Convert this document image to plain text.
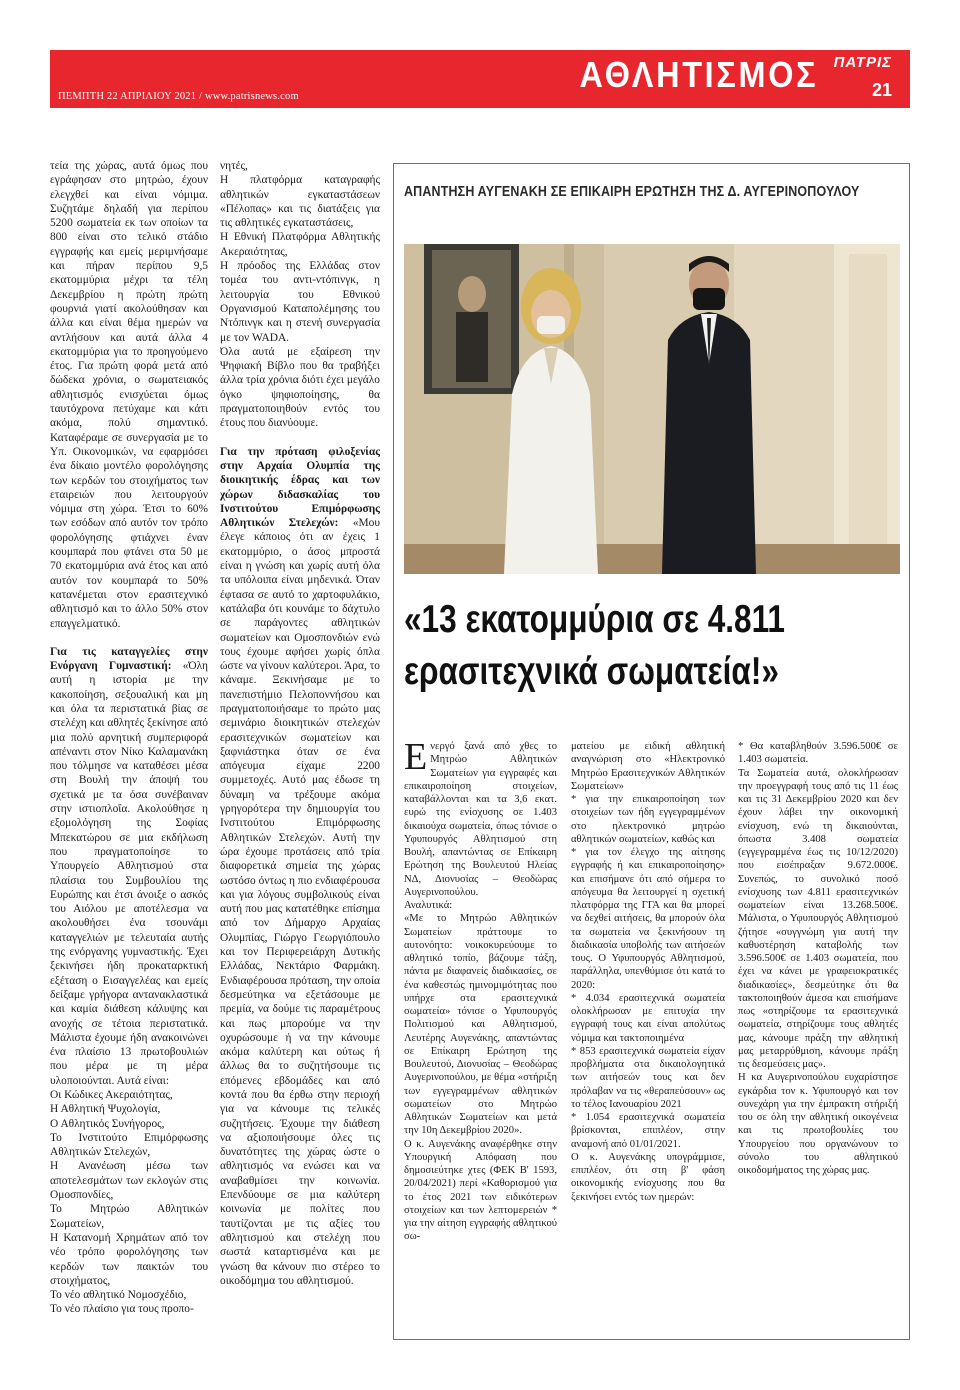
ΠΕΜΠΤΗ 22 ΑΠΡΙΛΙΟΥ 2021 / www.patrisnews.com
ΑΘΛΗΤΙΣΜΟΣ ΠΑΤΡΙΣ
21

τεία της χώρας, αυτά όμως που εγράφησαν στο μητρώο, έχουν ελεγχθεί και είναι νόμιμα. Συζητάμε δηλαδή για περίπου 5200 σωματεία εκ των οποίων τα 800 είναι στο τελικό στάδιο εγγραφής και εμείς μεριμνήσαμε και πήραν περίπου 9,5 εκατομμύρια μέχρι τα τέλη Δεκεμβρίου η πρώτη πρώτη φουρνιά γιατί ακολούθησαν και άλλα και είναι θέμα ημερών να αντλήσουν και αυτά άλλα 4 εκατομμύρια για το προηγούμενο έτος. Για πρώτη φορά μετά από δώδεκα χρόνια, ο σωματειακός αθλητισμός ενισχύεται όμως ταυτόχρονα πετύχαμε και κάτι ακόμα, πολύ σημαντικό. Καταφέραμε σε συνεργασία με το Υπ. Οικονομικών, να εφαρμόσει ένα δίκαιο μοντέλο φορολόγησης των κερδών του στοιχήματος των εταιρειών που λειτουργούν νόμιμα στη χώρα. Έτσι το 60% των εσόδων από αυτόν τον τρόπο φορολόγησης φτιάχνει έναν κουμπαρά που φτάνει στα 50 με 70 εκατομμύρια ανά έτος και από αυτόν τον κουμπαρά το 50% κατανέμεται στον ερασιτεχνικό αθλητισμό και το άλλο 50% στον επαγγελματικό.

Για τις καταγγελίες στην Ενόργανη Γυμναστική: «Όλη αυτή η ιστορία με την κακοποίηση, σεξουαλική και μη και όλα τα περιστατικά βίας σε στελέχη και αθλητές ξεκίνησε από μια πολύ αρνητική συμπεριφορά απέναντι στον Νίκο Καλαμανάκη που τόλμησε να καταθέσει μέσα στη Βουλή την άποψή του σχετικά με τα όσα συνέβαιναν στην ιστιοπλοΐα. Ακολούθησε η εξομολόγηση της Σοφίας Μπεκατώρου σε μια εκδήλωση που πραγματοποίησε το Υπουργείο Αθλητισμού στα πλαίσια του Συμβουλίου της Ευρώπης και έτσι άνοιξε ο ασκός του Αιόλου με αποτέλεσμα να ακολουθήσει ένα τσουνάμι καταγγελιών με τελευταία αυτής της ενόργανης γυμναστικής. Έχει ξεκινήσει ήδη προκαταρκτική εξέταση ο Εισαγγελέας και εμείς δείξαμε γρήγορα αντανακλαστικά και καμία διάθεση κάλυψης και ανοχής σε τέτοια περιστατικά. Μάλιστα έχουμε ήδη ανακοινώνει ένα πλαίσιο 13 πρωτοβουλιών που μέρα με τη μέρα υλοποιούνται. Αυτά είναι:

Οι Κώδικες Ακεραιότητας,

Η Αθλητική Ψυχολογία,

Ο Αθλητικός Συνήγορος,

Το Ινστιτούτο Επιμόρφωσης Αθλητικών Στελεχών,

Η Ανανέωση μέσω των αποτελεσμάτων των εκλογών στις Ομοσπονδίες,

Το Μητρώο Αθλητικών Σωματείων,

Η Κατανομή Χρημάτων από τον νέο τρόπο φορολόγησης των κερδών των παικτών του στοιχήματος,

Το νέο αθλητικό Νομοσχέδιο,

Το νέο πλαίσιο για τους προπο-

νητές,

Η πλατφόρμα καταγραφής αθλητικών εγκαταστάσεων «Πέλοπας» και τις διατάξεις για τις αθλητικές εγκαταστάσεις,

Η Εθνική Πλατφόρμα Αθλητικής Ακεραιότητας,

Η πρόοδος της Ελλάδας στον τομέα του αντι-ντόπινγκ, η λειτουργία του Εθνικού Οργανισμού Καταπολέμησης του Ντόπινγκ και η στενή συνεργασία με τον WADA.

Όλα αυτά με εξαίρεση την Ψηφιακή Βίβλο που θα τραβήξει άλλα τρία χρόνια διότι έχει μεγάλο όγκο ψηφιοποίησης, θα πραγματοποιηθούν εντός του έτους που διανύουμε.

Για την πρόταση φιλοξενίας στην Αρχαία Ολυμπία της διοικητικής έδρας και των χώρων διδασκαλίας του Ινστιτούτου Επιμόρφωσης Αθλητικών Στελεχών: «Μου έλεγε κάποιος ότι αν έχεις 1 εκατομμύριο, ο άσος μπροστά είναι η γνώση και χωρίς αυτή όλα τα υπόλοιπα είναι μηδενικά. Όταν έφτασα σε αυτό το χαρτοφυλάκιο, κατάλαβα ότι κουνάμε το δάχτυλο σε παράγοντες αθλητικών σωματείων και Ομοσπονδιών ενώ τους έχουμε αφήσει χωρίς όπλα ώστε να γίνουν καλύτεροι. Άρα, το κάναμε. Ξεκινήσαμε με το πανεπιστήμιο Πελοποννήσου και πραγματοποιήσαμε το πρώτο μας σεμινάριο διοικητικών στελεχών ερασιτεχνικών σωματείων και ξαφνιάστηκα όταν σε ένα απόγευμα είχαμε 2200 συμμετοχές. Αυτό μας έδωσε τη δύναμη να τρέξουμε ακόμα γρηγορότερα την δημιουργία του Ινστιτούτου Επιμόρφωσης Αθλητικών Στελεχών. Αυτή την ώρα έχουμε προτάσεις από τρία διαφορετικά σημεία της χώρας ωστόσο όντως η πιο ενδιαφέρουσα και για λόγους συμβολικούς είναι αυτή που μας κατατέθηκε επίσημα από τον Δήμαρχο Αρχαίας Ολυμπίας, Γιώργο Γεωργιόπουλο και τον Περιφερειάρχη Δυτικής Ελλάδας, Νεκτάριο Φαρμάκη. Ενδιαφέρουσα πρόταση, την οποία δεσμεύτηκα να εξετάσουμε με πρεμία, να δούμε τις παραμέτρους και πως μπορούμε να την οχυρώσουμε ή να την κάνουμε ακόμα καλύτερη και ούτως ή άλλως θα το συζητήσουμε τις επόμενες εβδομάδες και από κοντά που θα έρθω στην περιοχή για να κάνουμε τις τελικές συζητήσεις. Έχουμε την διάθεση να αξιοποιήσουμε όλες τις δυνατότητες της χώρας ώστε ο αθλητισμός να ενώσει και να αναβαθμίσει την κοινωνία. Επενδύουμε σε μια καλύτερη κοινωνία με πολίτες που ταυτίζονται με τις αξίες του αθλητισμού και στελέχη που σωστά καταρτισμένα και με γνώση θα κάνουν πιο στέρεο το οικοδόμημα του αθλητισμού.

ΑΠΑΝΤΗΣΗ ΑΥΓΕΝΑΚΗ ΣΕ ΕΠΙΚΑΙΡΗ ΕΡΩΤΗΣΗ ΤΗΣ Δ. ΑΥΓΕΡΙΝΟΠΟΥΛΟΥ
«13 εκατομμύρια σε 4.811
ερασιτεχνικά σωματεία!»

Ενεργό ξανά από χθες το Μητρώο Αθλητικών Σωματείων για εγγραφές και επικαιροποίηση στοιχείων, καταβάλλονται και τα 3,6 εκατ. ευρώ της ενίσχυσης σε 1.403 δικαιούχα σωματεία, όπως τόνισε ο Υφυπουργός Αθλητισμού στη Βουλή, απαντώντας σε Επίκαιρη Ερώτηση της Βουλευτού Ηλείας ΝΔ, Διονυσίας – Θεοδώρας Αυγερινοπούλου.

Αναλυτικά:

«Με το Μητρώο Αθλητικών Σωματείων πράττουμε το αυτονόητο: νοικοκυρεύουμε το αθλητικό τοπίο, βάζουμε τάξη, πάντα με διαφανείς διαδικασίες, σε ένα καθεστώς ημινομιμότητας που υπήρχε στα ερασιτεχνικά σωματεία» τόνισε ο Υφυπουργός Πολιτισμού και Αθλητισμού, Λευτέρης Αυγενάκης, απαντώντας σε Επίκαιρη Ερώτηση της Βουλευτού, Διονυσίας – Θεοδώρας Αυγερινοπούλου, με θέμα «στήριξη των εγγεγραμμένων αθλητικών σωματείων στο Μητρώο Αθλητικών Σωματείων και μετά την 10η Δεκεμβρίου 2020».

Ο κ. Αυγενάκης αναφέρθηκε στην Υπουργική Απόφαση που δημοσιεύτηκε χτες (ΦΕΚ Β' 1593, 20/04/2021) περί «Καθορισμού για το έτος 2021 των ειδικότερων στοιχείων και των λεπτομερειών * για την αίτηση εγγραφής αθλητικού σω-

ματείου με ειδική αθλητική αναγνώριση στο «Ηλεκτρονικό Μητρώο Ερασιτεχνικών Αθλητικών Σωματείων»

* για την επικαιροποίηση των στοιχείων των ήδη εγγεγραμμένων στο ηλεκτρονικό μητρώο αθλητικών σωματείων, καθώς και

* για τον έλεγχο της αίτησης εγγραφής ή και επικαιροποίησης» και επισήμανε ότι από σήμερα το απόγευμα θα λειτουργεί η σχετική πλατφόρμα της ΓΓΑ και θα μπορεί να δεχθεί αιτήσεις, θα μπορούν όλα τα σωματεία να ξεκινήσουν τη διαδικασία υποβολής των αιτήσεών τους. Ο Υφυπουργός Αθλητισμού, παράλληλα, υπενθύμισε ότι κατά το 2020:

* 4.034 ερασιτεχνικά σωματεία ολοκλήρωσαν με επιτυχία την εγγραφή τους και είναι απολύτως νόμιμα και τακτοποιημένα

* 853 ερασιτεχνικά σωματεία είχαν προβλήματα στα δικαιολογητικά των αιτήσεών τους και δεν πρόλαβαν να τις «θεραπεύσουν» ως το τέλος Ιανουαρίου 2021

* 1.054 ερασιτεχνικά σωματεία βρίσκονται, επιπλέον, στην αναμονή από 01/01/2021.

Ο κ. Αυγενάκης υπογράμμισε, επιπλέον, ότι στη β' φάση οικονομικής ενίσχυσης που θα ξεκινήσει εντός των ημερών:

* Θα καταβληθούν 3.596.500€ σε 1.403 σωματεία.

Τα Σωματεία αυτά, ολοκλήρωσαν την προεγγραφή τους από τις 11 έως και τις 31 Δεκεμβρίου 2020 και δεν έχουν λάβει την οικονομική ενίσχυση, ενώ τη δικαιούνται, όπωστα 3.408 σωματεία (εγγεγραμμένα έως τις 10/12/2020) που εισέπραξαν 9.672.000€. Συνεπώς, το συνολικό ποσό ενίσχυσης των 4.811 ερασιτεχνικών σωματείων είναι 13.268.500€. Μάλιστα, ο Υφυπουργός Αθλητισμού ζήτησε «συγγνώμη για αυτή την καθυστέρηση καταβολής των 3.596.500€ σε 1.403 σωματεία, που έχει να κάνει με γραφειοκρατικές διαδικασίες», δεσμεύτηκε ότι θα τακτοποιηθούν άμεσα και επισήμανε πως «στηρίζουμε τα ερασιτεχνικά σωματεία, στηρίζουμε τους αθλητές μας, κάνουμε πράξη την αθλητική μας μεταρρύθμιση, κάνουμε πράξη τις δεσμεύσεις μας».

Η κα Αυγερινοπούλου ευχαρίστησε εγκάρδια τον κ. Υφυπουργό και τον συνεχάρη για την έμπρακτη στήριξή του σε όλη την αθλητική οικογένεια και τις πρωτοβουλίες του Υπουργείου που οργανώνουν το σύνολο του αθλητικού οικοδομήματος της χώρας μας.
